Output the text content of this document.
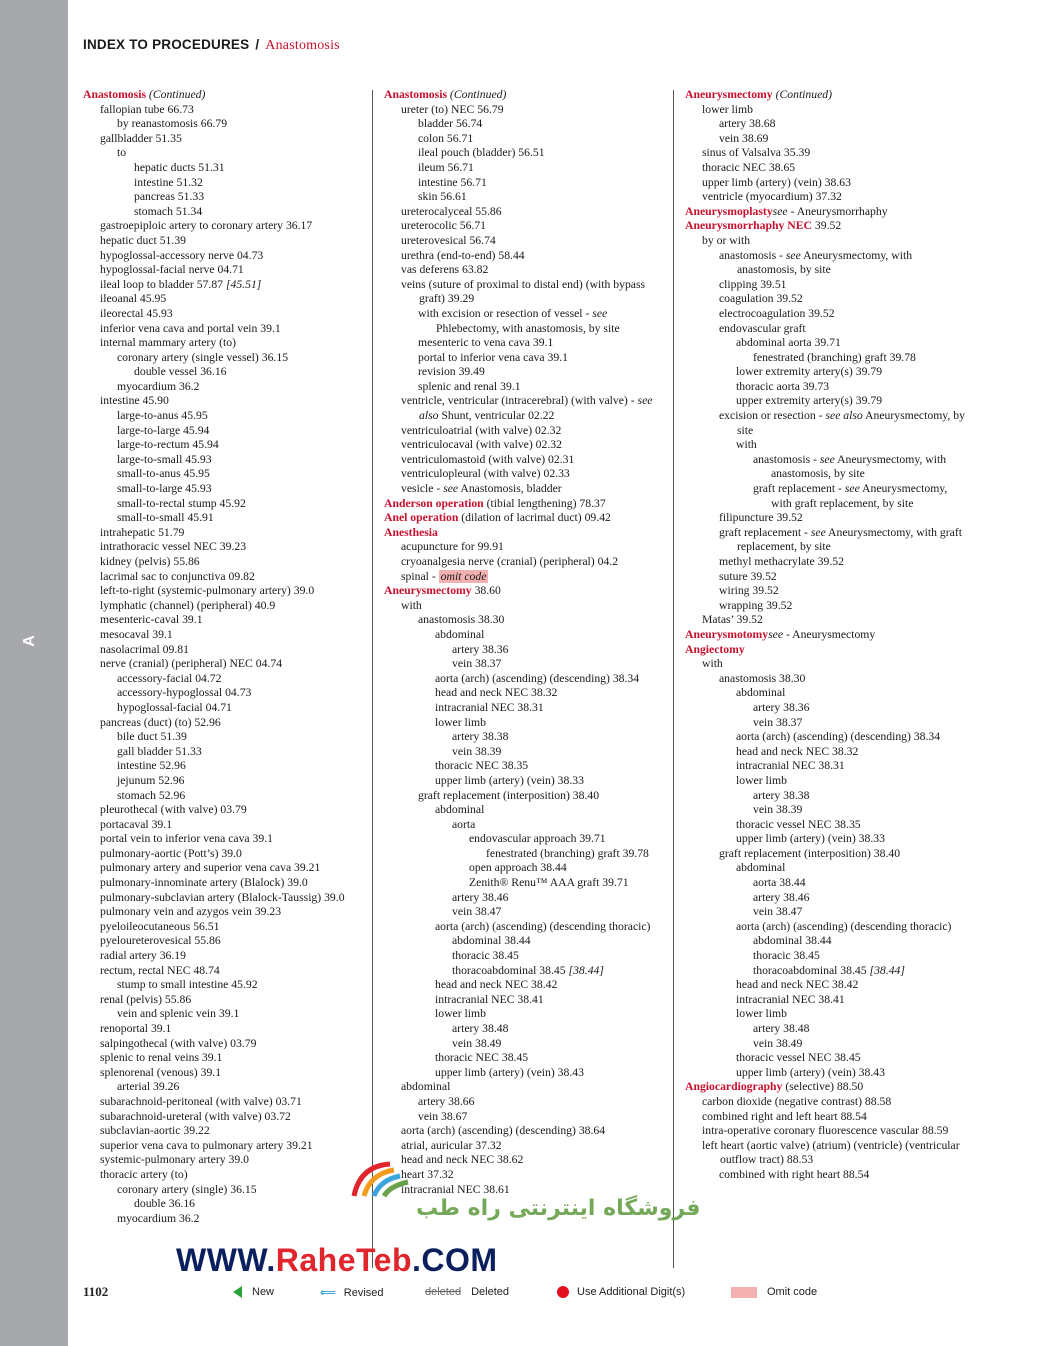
A
INDEX TO PROCEDURES / Anastomosis
Anastomosis (Continued)
fallopian tube 66.73
by reanastomosis 66.79
gallbladder 51.35
to
hepatic ducts 51.31
intestine 51.32
pancreas 51.33
stomach 51.34
gastroepiploic artery to coronary artery 36.17
hepatic duct 51.39
hypoglossal-accessory nerve 04.73
hypoglossal-facial nerve 04.71
ileal loop to bladder 57.87 [45.51]
ileoanal 45.95
ileorectal 45.93
inferior vena cava and portal vein 39.1
internal mammary artery (to)
coronary artery (single vessel) 36.15
double vessel 36.16
myocardium 36.2
intestine 45.90
large-to-anus 45.95
large-to-large 45.94
large-to-rectum 45.94
large-to-small 45.93
small-to-anus 45.95
small-to-large 45.93
small-to-rectal stump 45.92
small-to-small 45.91
intrahepatic 51.79
intrathoracic vessel NEC 39.23
kidney (pelvis) 55.86
lacrimal sac to conjunctiva 09.82
left-to-right (systemic-pulmonary artery) 39.0
lymphatic (channel) (peripheral) 40.9
mesenteric-caval 39.1
mesocaval 39.1
nasolacrimal 09.81
nerve (cranial) (peripheral) NEC 04.74
accessory-facial 04.72
accessory-hypoglossal 04.73
hypoglossal-facial 04.71
pancreas (duct) (to) 52.96
bile duct 51.39
gall bladder 51.33
intestine 52.96
jejunum 52.96
stomach 52.96
pleurothecal (with valve) 03.79
portacaval 39.1
portal vein to inferior vena cava 39.1
pulmonary-aortic (Pott’s) 39.0
pulmonary artery and superior vena cava 39.21
pulmonary-innominate artery (Blalock) 39.0
pulmonary-subclavian artery (Blalock-Taussig) 39.0
pulmonary vein and azygos vein 39.23
pyeloileocutaneous 56.51
pyeloureterovesical 55.86
radial artery 36.19
rectum, rectal NEC 48.74
stump to small intestine 45.92
renal (pelvis) 55.86
vein and splenic vein 39.1
renoportal 39.1
salpingothecal (with valve) 03.79
splenic to renal veins 39.1
splenorenal (venous) 39.1
arterial 39.26
subarachnoid-peritoneal (with valve) 03.71
subarachnoid-ureteral (with valve) 03.72
subclavian-aortic 39.22
superior vena cava to pulmonary artery 39.21
systemic-pulmonary artery 39.0
thoracic artery (to)
coronary artery (single) 36.15
double 36.16
myocardium 36.2
Anastomosis (Continued)
ureter (to) NEC 56.79
bladder 56.74
colon 56.71
ileal pouch (bladder) 56.51
ileum 56.71
intestine 56.71
skin 56.61
ureterocalyceal 55.86
ureterocolic 56.71
ureterovesical 56.74
urethra (end-to-end) 58.44
vas deferens 63.82
veins (suture of proximal to distal end) (with bypass graft) 39.29
with excision or resection of vessel - see Phlebectomy, with anastomosis, by site
mesenteric to vena cava 39.1
portal to inferior vena cava 39.1
revision 39.49
splenic and renal 39.1
ventricle, ventricular (intracerebral) (with valve) - see also Shunt, ventricular 02.22
ventriculoatrial (with valve) 02.32
ventriculocaval (with valve) 02.32
ventriculomastoid (with valve) 02.31
ventriculopleural (with valve) 02.33
vesicle - see Anastomosis, bladder
Anderson operation (tibial lengthening) 78.37
Anel operation (dilation of lacrimal duct) 09.42
Anesthesia
acupuncture for 99.91
cryoanalgesia nerve (cranial) (peripheral) 04.2
spinal - omit code
Aneurysmectomy 38.60
with
anastomosis 38.30
abdominal
artery 38.36
vein 38.37
aorta (arch) (ascending) (descending) 38.34
head and neck NEC 38.32
intracranial NEC 38.31
lower limb
artery 38.38
vein 38.39
thoracic NEC 38.35
upper limb (artery) (vein) 38.33
graft replacement (interposition) 38.40
abdominal
aorta
endovascular approach 39.71
fenestrated (branching) graft 39.78
open approach 38.44
Zenith® Renu™ AAA graft 39.71
artery 38.46
vein 38.47
aorta (arch) (ascending) (descending thoracic)
abdominal 38.44
thoracic 38.45
thoracoabdominal 38.45 [38.44]
head and neck NEC 38.42
intracranial NEC 38.41
lower limb
artery 38.48
vein 38.49
thoracic NEC 38.45
upper limb (artery) (vein) 38.43
abdominal
artery 38.66
vein 38.67
aorta (arch) (ascending) (descending) 38.64
atrial, auricular 37.32
head and neck NEC 38.62
heart 37.32
intracranial NEC 38.61
Aneurysmectomy (Continued)
lower limb
artery 38.68
vein 38.69
sinus of Valsalva 35.39
thoracic NEC 38.65
upper limb (artery) (vein) 38.63
ventricle (myocardium) 37.32
Aneurysmoplastysee - Aneurysmorrhaphy
Aneurysmorrhaphy NEC 39.52
by or with
anastomosis - see Aneurysmectomy, with anastomosis, by site
clipping 39.51
coagulation 39.52
electrocoagulation 39.52
endovascular graft
abdominal aorta 39.71
fenestrated (branching) graft 39.78
lower extremity artery(s) 39.79
thoracic aorta 39.73
upper extremity artery(s) 39.79
excision or resection - see also Aneurysmectomy, by site
with
anastomosis - see Aneurysmectomy, with anastomosis, by site
graft replacement - see Aneurysmectomy, with graft replacement, by site
filipuncture 39.52
graft replacement - see Aneurysmectomy, with graft replacement, by site
methyl methacrylate 39.52
suture 39.52
wiring 39.52
wrapping 39.52
Matas’ 39.52
Aneurysmotomysee - Aneurysmectomy
Angiectomy
with
anastomosis 38.30
abdominal
artery 38.36
vein 38.37
aorta (arch) (ascending) (descending) 38.34
head and neck NEC 38.32
intracranial NEC 38.31
lower limb
artery 38.38
vein 38.39
thoracic vessel NEC 38.35
upper limb (artery) (vein) 38.33
graft replacement (interposition) 38.40
abdominal
aorta 38.44
artery 38.46
vein 38.47
aorta (arch) (ascending) (descending thoracic)
abdominal 38.44
thoracic 38.45
thoracoabdominal 38.45 [38.44]
head and neck NEC 38.42
intracranial NEC 38.41
lower limb
artery 38.48
vein 38.49
thoracic vessel NEC 38.45
upper limb (artery) (vein) 38.43
Angiocardiography (selective) 88.50
carbon dioxide (negative contrast) 88.58
combined right and left heart 88.54
intra-operative coronary fluorescence vascular 88.59
left heart (aortic valve) (atrium) (ventricle) (ventricular outflow tract) 88.53
combined with right heart 88.54
فروشگاه اینترنتی راه طب
WWW.RaheTeb.COM
1102	New	⟸ Revised	deleted Deleted	Use Additional Digit(s)	Omit code
